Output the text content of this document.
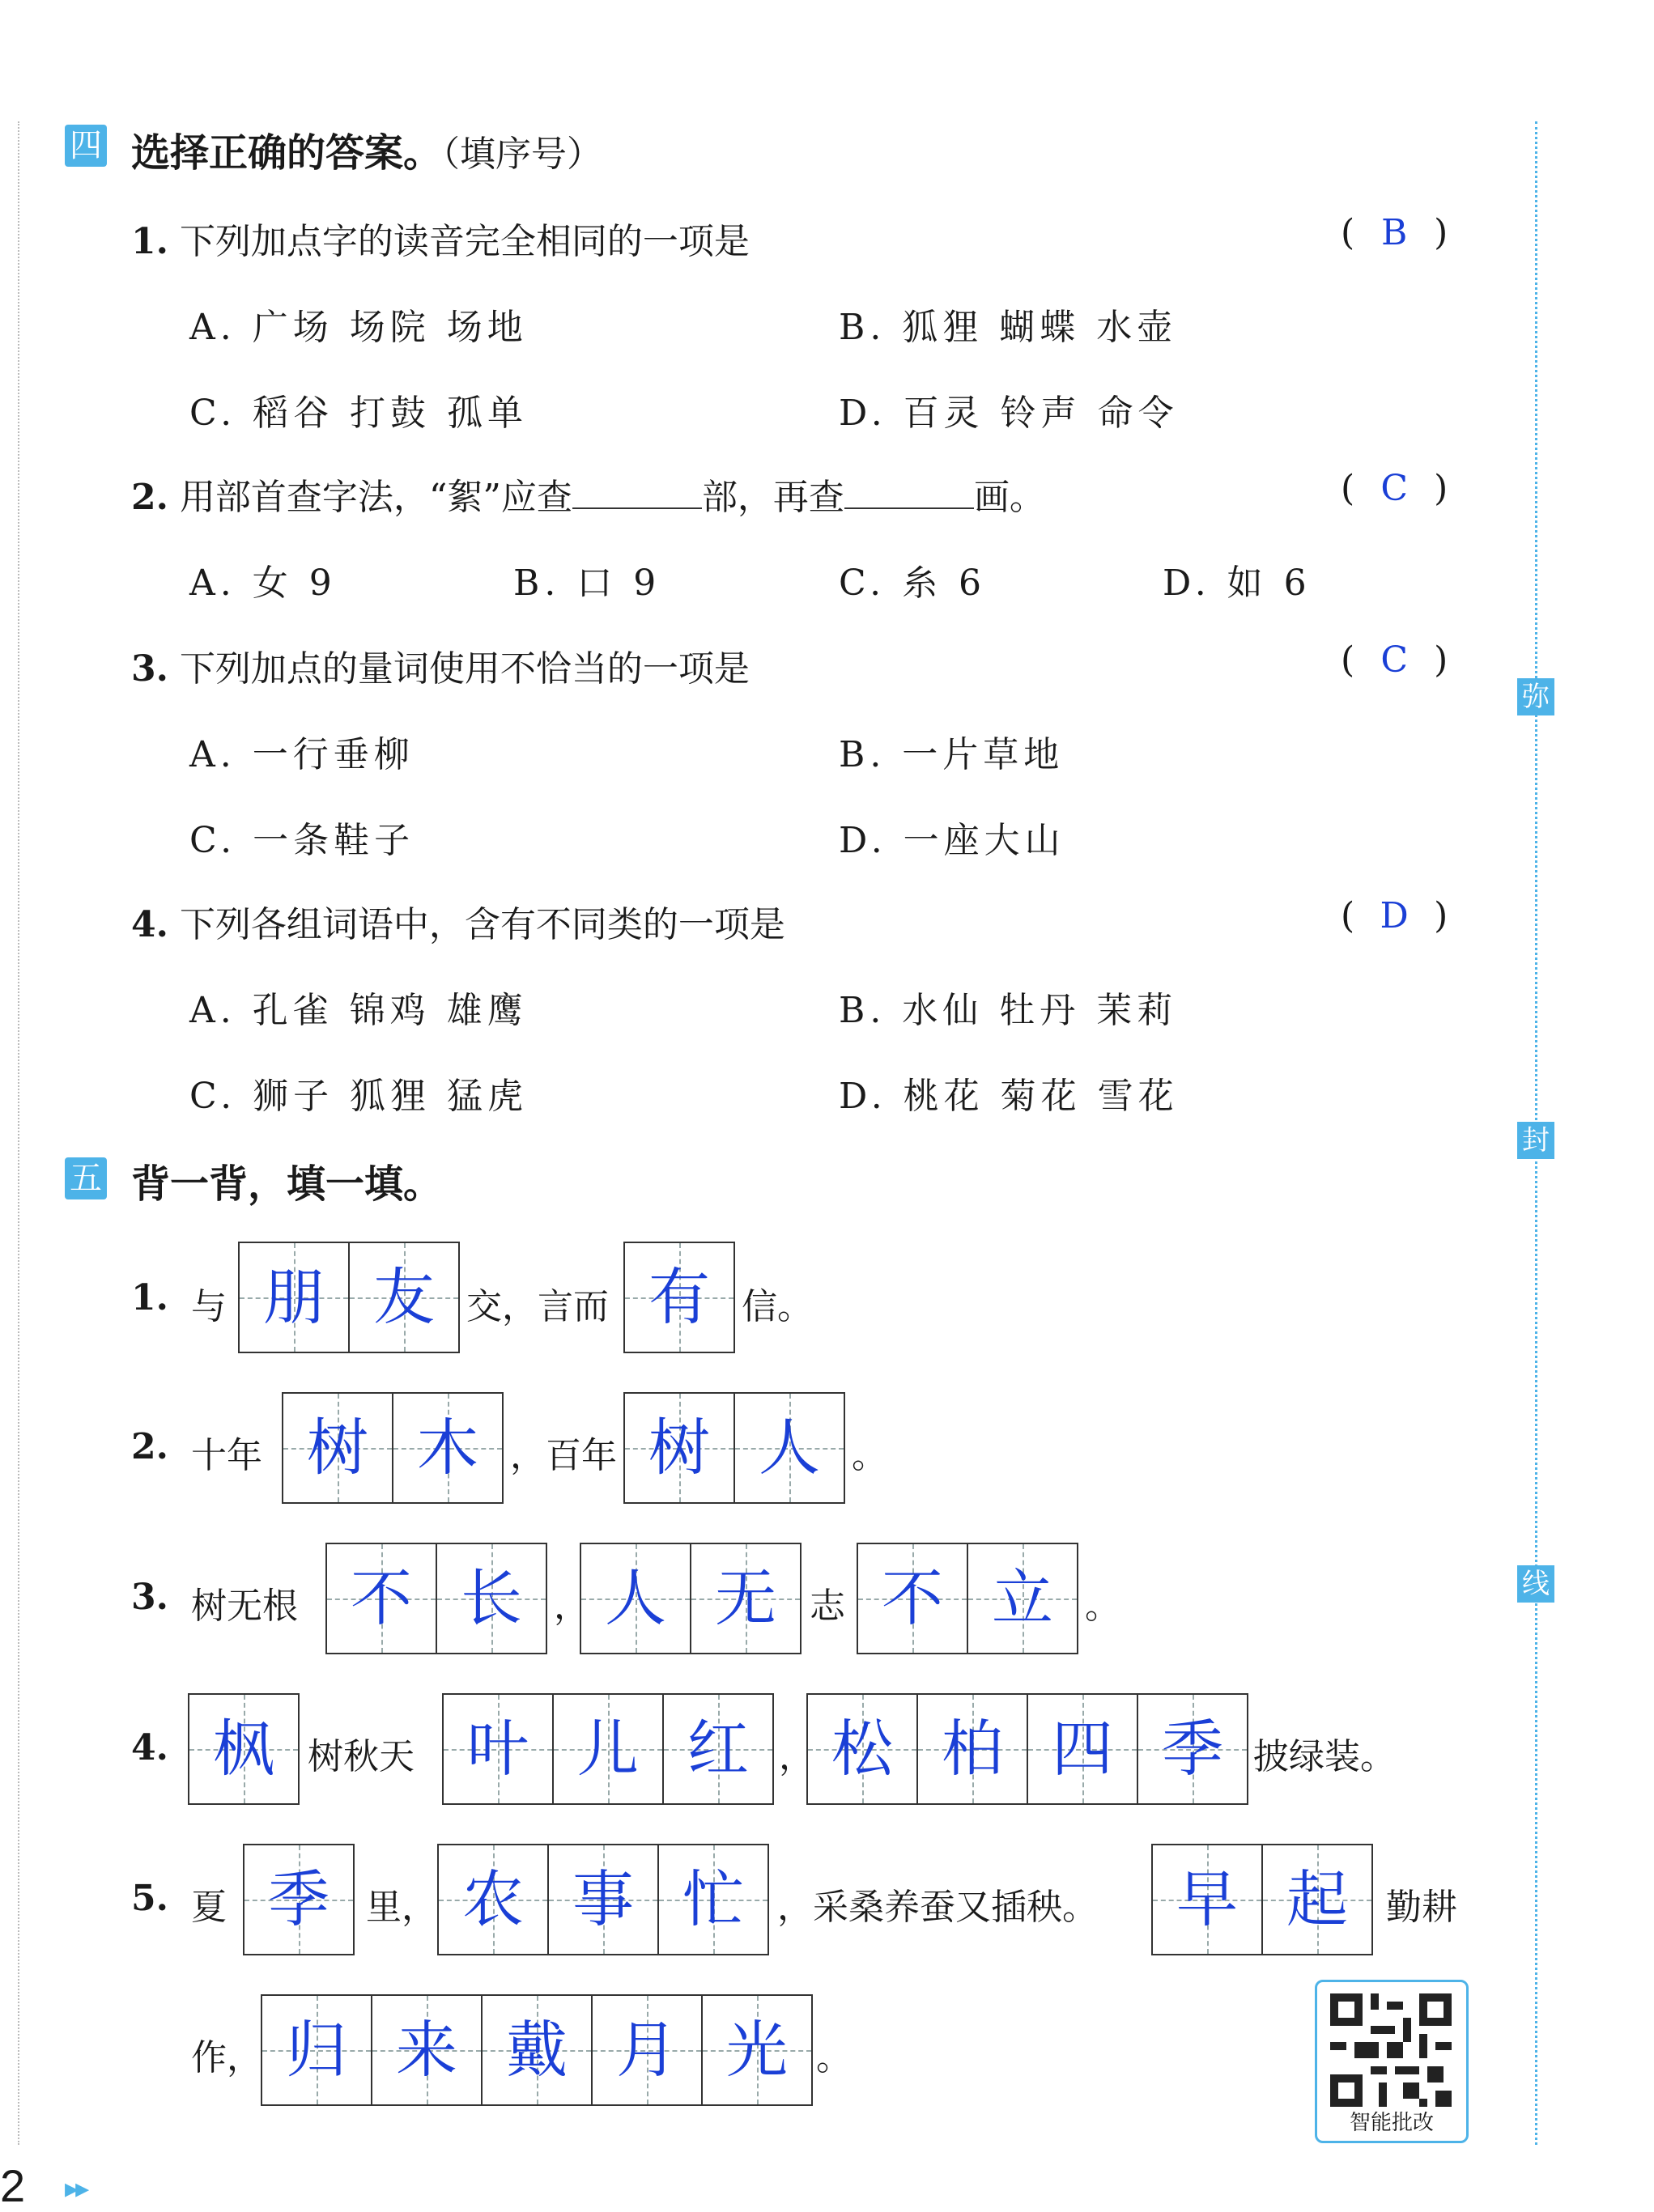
弥
封
线
四 选择正确的答案。（填序号）
1. 下列加点字的读音完全相同的一项是	( B )
A. 广场 场院 场地	B. 狐狸 蝴蝶 水壶
C. 稻谷 打鼓 孤单	D. 百灵 铃声 命令
2. 用部首查字法，“絮”应查	部，再查	画。	( C )
A. 女 9	B. 口 9	C. 糸 6	D. 如 6
3. 下列加点的量词使用不恰当的一项是	( C )
A. 一行垂柳	B. 一片草地
C. 一条鞋子	D. 一座大山
4. 下列各组词语中，含有不同类的一项是	( D )
A. 孔雀 锦鸡 雄鹰	B. 水仙 牡丹 茉莉
C. 狮子 狐狸 猛虎	D. 桃花 菊花 雪花
五 背一背，填一填。
1. 与 朋 友 交，言而 有 信。
2. 十年 树 木 ，百年 树 人 。
3. 树无根 不 长 ， 人 无 志 不 立 。
4. 枫 树秋天 叶 儿 红 ， 松 柏 四 季 披绿装。
5. 夏 季	里， 农 事 忙 ，采桑养蚕又插秧。	早 起	勤耕
作， 归 来 戴 月 光 。
智能批改
2 ▸▸
